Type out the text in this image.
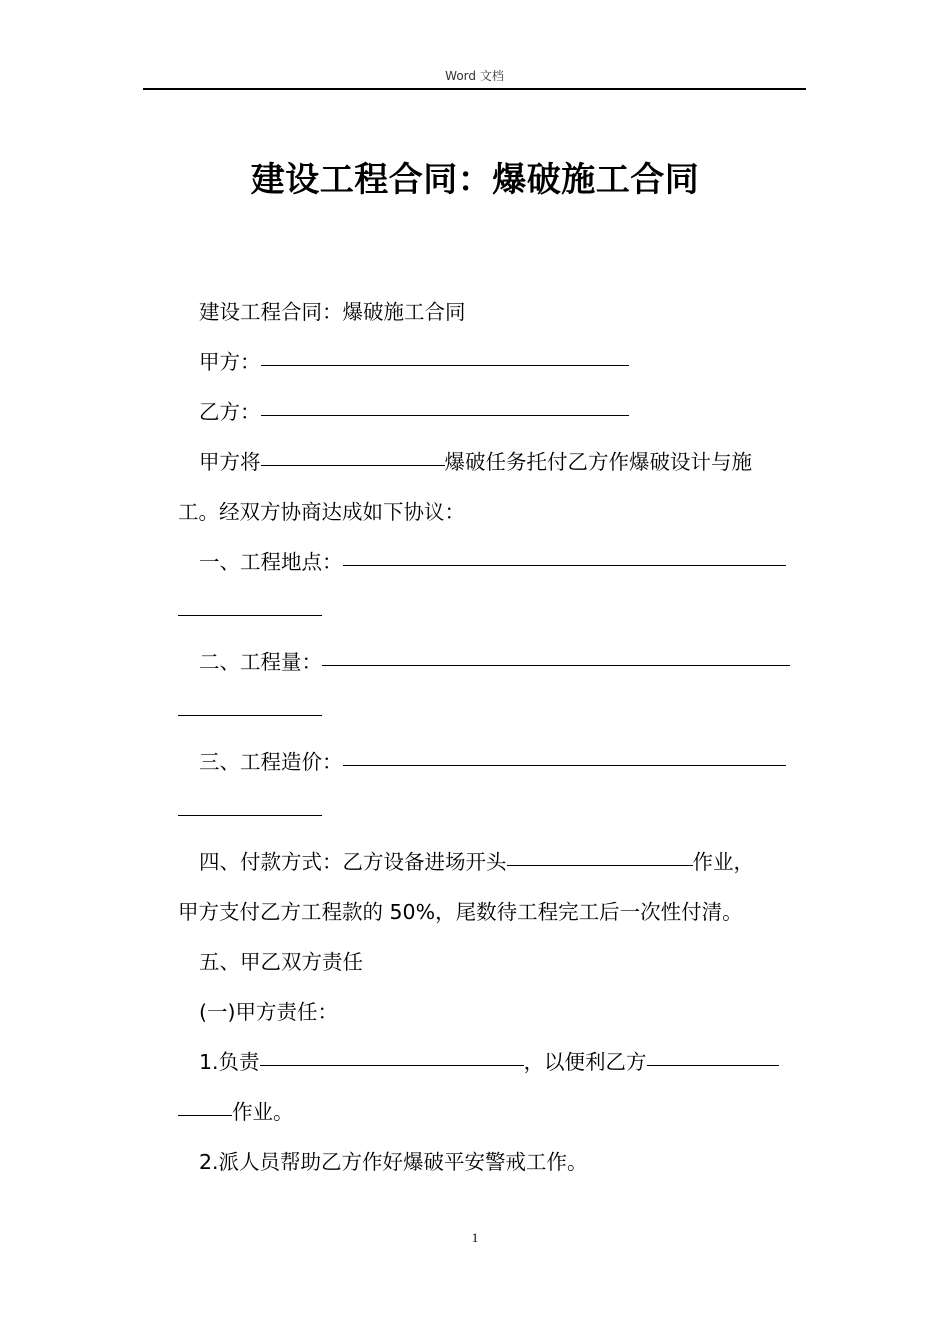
Word 文档
建设工程合同：爆破施工合同
建设工程合同：爆破施工合同
甲方：
乙方：
甲方将	爆破任务托付乙方作爆破设计与施
工。经双方协商达成如下协议：
一、工程地点：
二、工程量：
三、工程造价：
四、付款方式：乙方设备进场开头	作业，
甲方支付乙方工程款的 50%，尾数待工程完工后一次性付清。
五、甲乙双方责任
(一)甲方责任：
1.负责	，以便利乙方
作业。
2.派人员帮助乙方作好爆破平安警戒工作。
1
